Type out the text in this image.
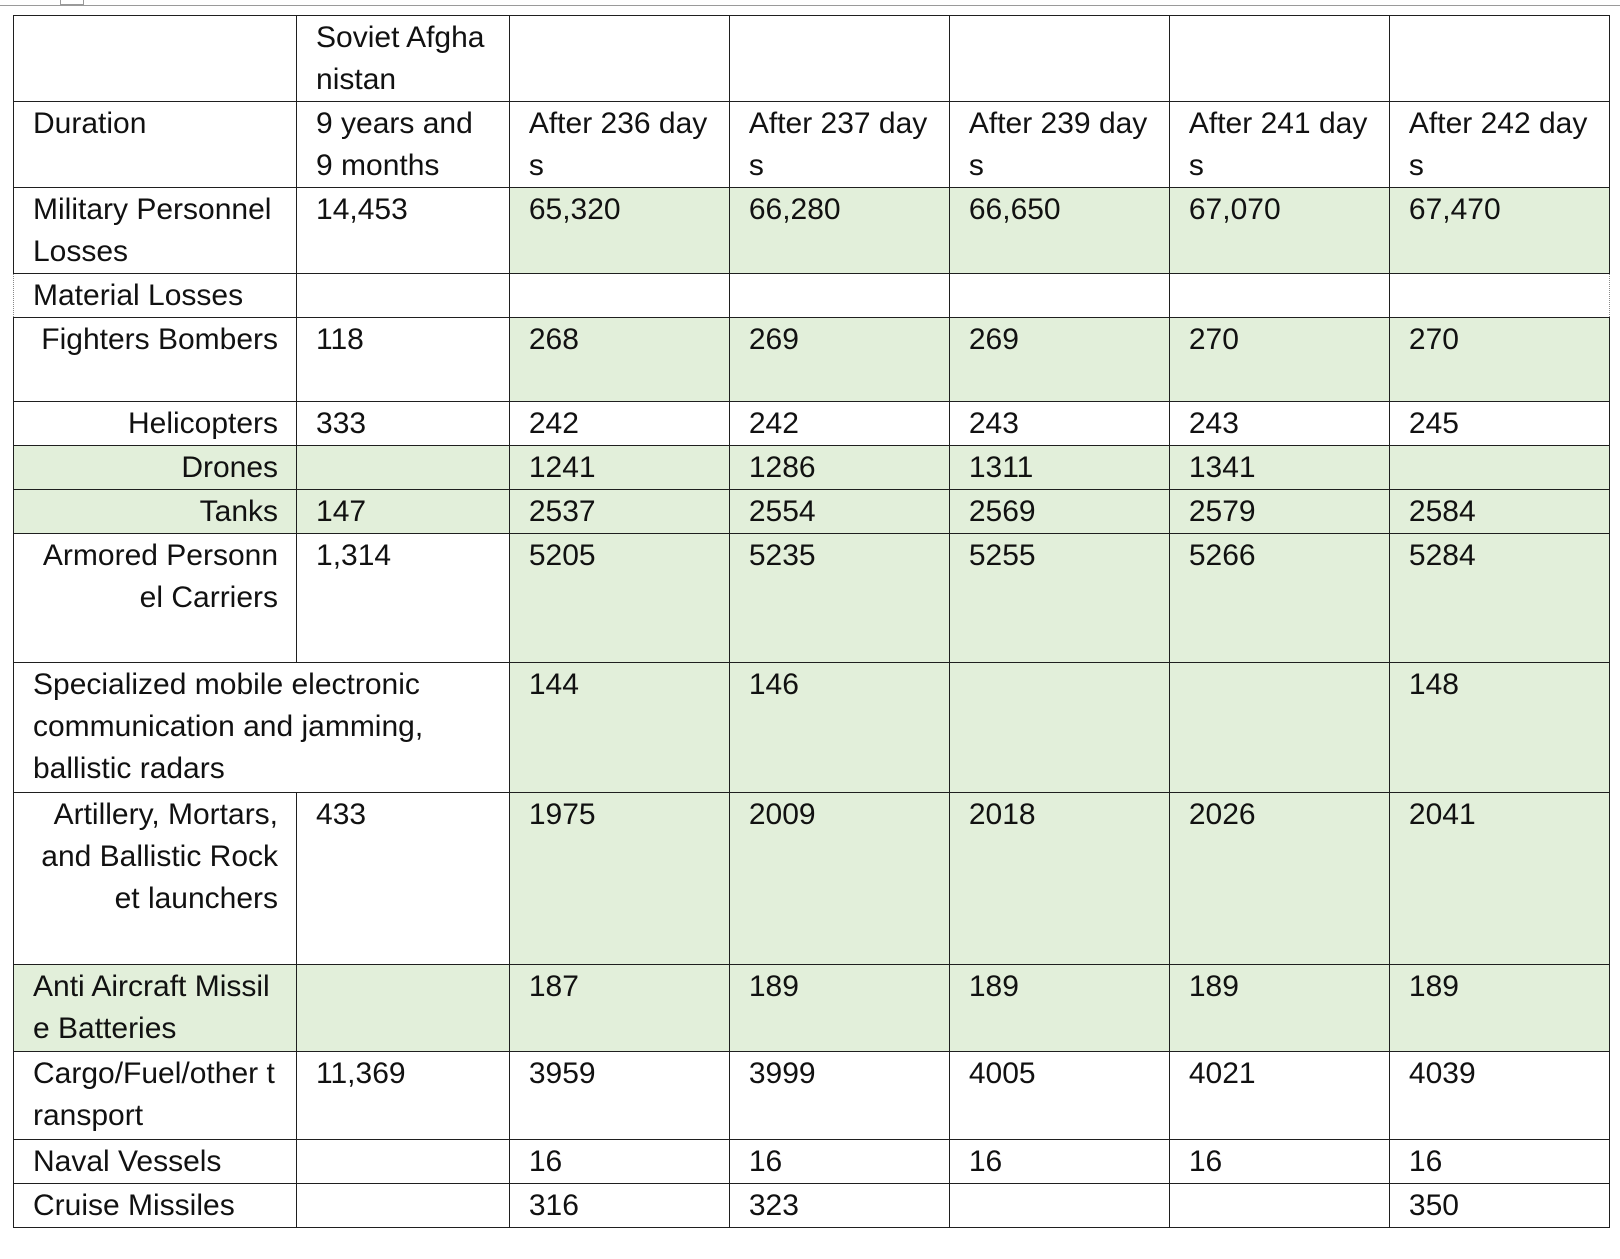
	Soviet Afghanistan					
Duration	9 years and 9 months	After 236 days	After 237 days	After 239 days	After 241 days	After 242 days
Military Personnel Losses	14,453	65,320	66,280	66,650	67,070	67,470
Material Losses						
Fighters Bombers	118	268	269	269	270	270
Helicopters	333	242	242	243	243	245
Drones		1241	1286	1311	1341	
Tanks	147	2537	2554	2569	2579	2584
Armored Personnel Carriers	1,314	5205	5235	5255	5266	5284
Specialized mobile electronic communication and jamming, ballistic radars		144	146			148
Artillery, Mortars, and Ballistic Rocket launchers	433	1975	2009	2018	2026	2041
Anti Aircraft Missile Batteries		187	189	189	189	189
Cargo/Fuel/other transport	11,369	3959	3999	4005	4021	4039
Naval Vessels		16	16	16	16	16
Cruise Missiles		316	323			350
